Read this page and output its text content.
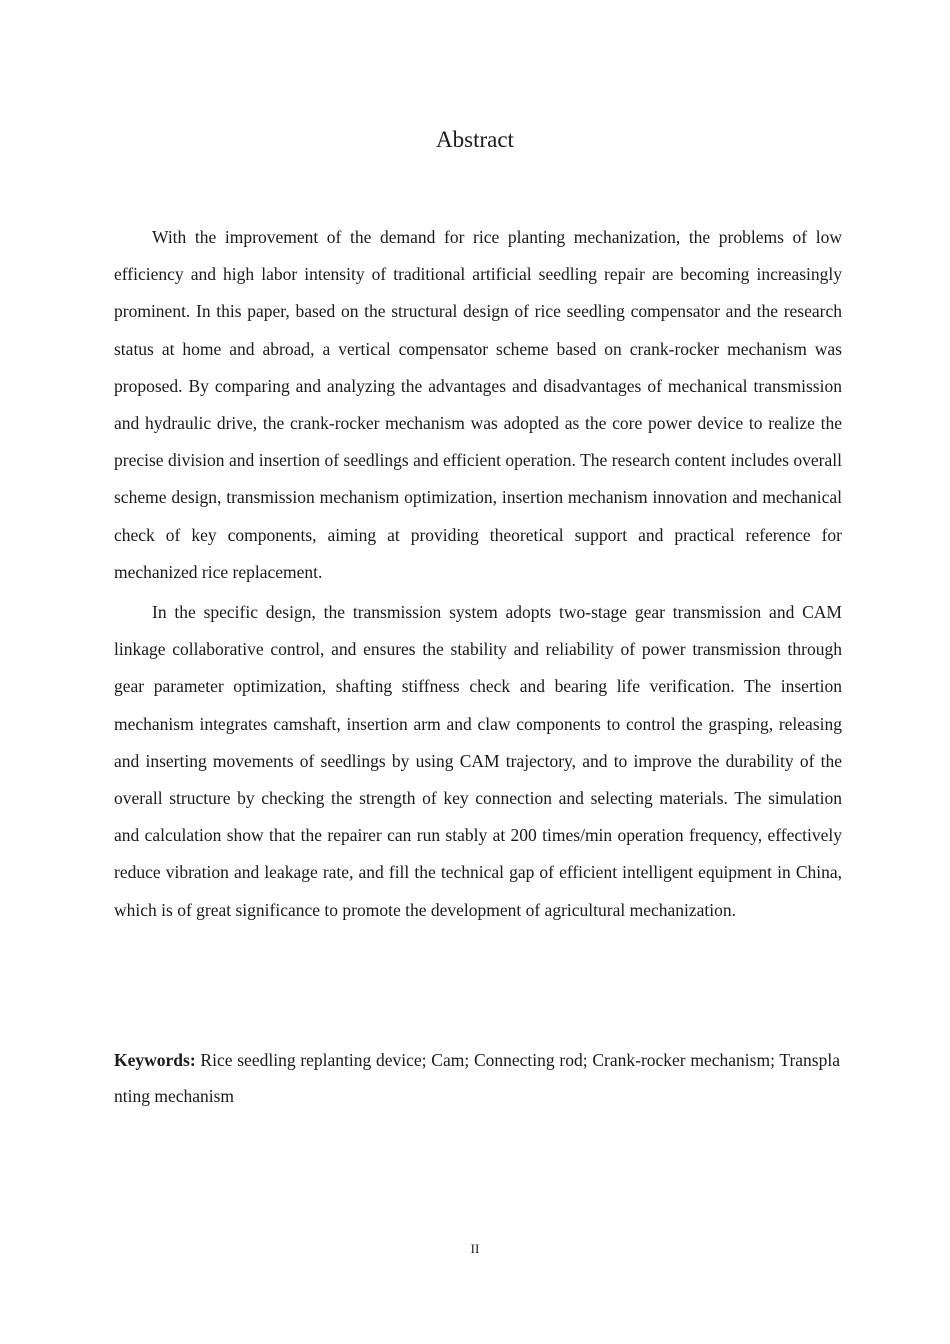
Abstract

With the improvement of the demand for rice planting mechanization, the problems of low efficiency and high labor intensity of traditional artificial seedling repair are becoming increasingly prominent. In this paper, based on the structural design of rice seedling compensator and the research status at home and abroad, a vertical compensator scheme based on crank-rocker mechanism was proposed. By comparing and analyzing the advantages and disadvantages of mechanical transmission and hydraulic drive, the crank-rocker mechanism was adopted as the core power device to realize the precise division and insertion of seedlings and efficient operation. The research content includes overall scheme design, transmission mechanism optimization, insertion mechanism innovation and mechanical check of key components, aiming at providing theoretical support and practical reference for mechanized rice replacement.

In the specific design, the transmission system adopts two-stage gear transmission and CAM linkage collaborative control, and ensures the stability and reliability of power transmission through gear parameter optimization, shafting stiffness check and bearing life verification. The insertion mechanism integrates camshaft, insertion arm and claw components to control the grasping, releasing and inserting movements of seedlings by using CAM trajectory, and to improve the durability of the overall structure by checking the strength of key connection and selecting materials. The simulation and calculation show that the repairer can run stably at 200 times/min operation frequency, effectively reduce vibration and leakage rate, and fill the technical gap of efficient intelligent equipment in China, which is of great significance to promote the development of agricultural mechanization.

Keywords: Rice seedling replanting device; Cam; Connecting rod; Crank-rocker mechanism; Transplanting mechanism

II
